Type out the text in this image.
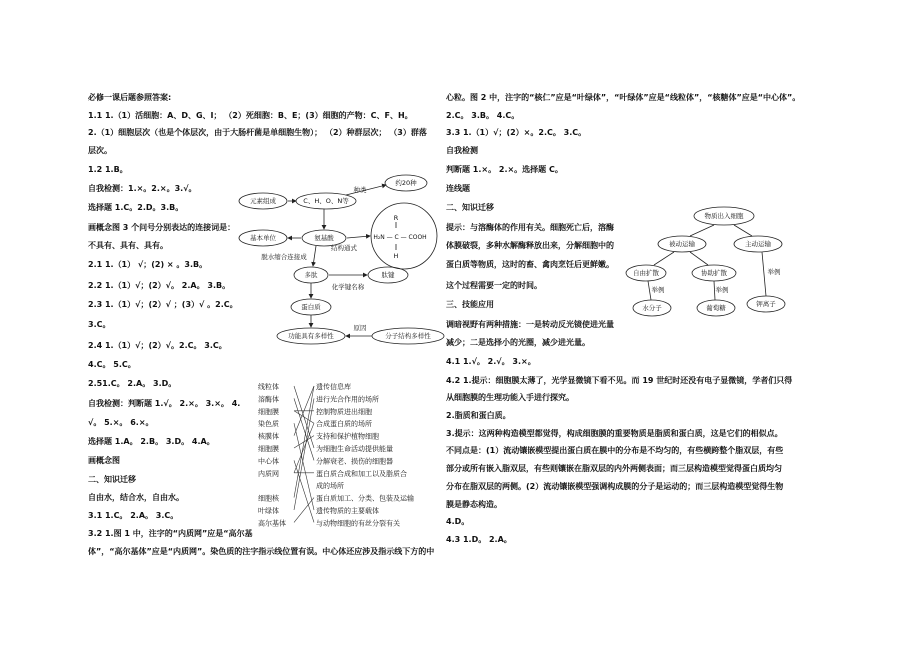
必修一课后题参照答案:
1.1 1.（1）活细胞：A、D、G、I； （2）死细胞：B、E；(3）细胞的产物：C、F、H。
2.（1）细胞层次（也是个体层次，由于大肠杆菌是单细胞生物）； （2）种群层次； （3）群落
层次。
1.2 1.B。
自我检测：1.×。2.×。3.√。
选择题 1.C。2.D。3.B。
画概念图 3 个问号分别表达的连接词是：
不具有、具有、具有。
2.1 1.（1） √；(2) × 。3.B。
2.2 1.（1）√；(2）√。 2.A。 3.B。
2.3 1.（1）√；(2）√ ；(3）√ 。2.C。
3.C。
2.4 1.（1）√；(2）√。2.C。 3.C。
4.C。 5.C。
2.51.C。 2.A。 3.D。
自我检测：判断题 1.√。 2.×。 3.×。 4.
√。 5.×。 6.×。
选择题 1.A。 2.B。 3.D。 4.A。
画概念图
二、知识迁移
自由水，结合水，自由水。
3.1 1.C。 2.A。 3.C。
3.2 1.图 1 中，注字的“内质网”应是“高尔基
体”，“高尔基体”应是“内质网”。染色质的注字指示线位置有误。中心体还应涉及指示线下方的中
心粒。图 2 中，注字的“核仁”应是“叶绿体”，“叶绿体”应是“线粒体”，“核糖体”应是“中心体”。
2.C。 3.B。 4.C。
3.3 1.（1）√；(2）×。2.C。 3.C。
自我检测
判断题 1.×。 2.×。选择题 C。
连线题
二、知识迁移
提示：与溶酶体的作用有关。细胞死亡后，溶酶
体膜破裂，多种水解酶释放出来，分解细胞中的
蛋白质等物质，这时的畜、禽肉烹饪后更鲜嫩。
这个过程需要一定的时间。
三、技能应用
调暗视野有两种措施：一是转动反光镜使进光量
减少；二是选择小的光圈，减少进光量。
4.1 1.√。 2.√。 3.×。
4.2 1.提示：细胞膜太薄了，光学显微镜下看不见。而 19 世纪时还没有电子显微镜，学者们只得
从细胞膜的生理功能入手进行探究。
2.脂质和蛋白质。
3.提示：这两种构造模型都觉得，构成细胞膜的重要物质是脂质和蛋白质，这是它们的相似点。
不同点是：(1）流动镶嵌模型提出蛋白质在膜中的分布是不均匀的，有些横跨整个脂双层，有些
部分或所有嵌入脂双层，有些则镶嵌在脂双层的内外两侧表面；而三层构造模型觉得蛋白质均匀
分布在脂双层的两侧。(2）流动镶嵌模型强调构成膜的分子是运动的；而三层构造模型觉得生物
膜是静态构造。
4.D。
4.3 1.D。 2.A。
约20种
元素组成	C、H、O、N等
种类
基本单位	氨基酸
结构通式
R
H₂N — C — COOH
H
脱水缩合连接成
多肽	肽键
化学键名称
蛋白质
原因
功能具有多样性	分子结构多样性
线粒体
溶酶体
细胞膜
染色质
核膜体
细胞膜
中心体
内质网
细胞核
叶绿体
高尔基体
遗传信息库
进行光合作用的场所
控制物质进出细胞
合成蛋白质的场所
支持和保护植物细胞
为细胞生命活动提供能量
分解衰老、损伤的细胞器
蛋白质合成和加工以及脂质合
成的场所
蛋白质加工、分类、包装及运输
遗传物质的主要载体
与动物细胞的有丝分裂有关
物质出入细胞
被动运输	主动运输
自由扩散	协助扩散
举例	举例
举例
水分子	葡萄糖	钾离子
